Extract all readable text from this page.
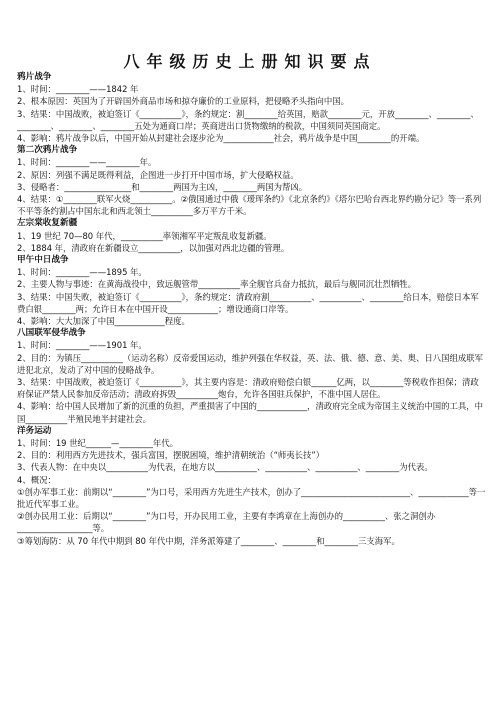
八年级历史上册知识要点
鸦片战争
1、时间：________——1842 年
2、根本原因：英国为了开辟国外商品市场和掠夺廉价的工业原料，把侵略矛头指向中国。
3、结果：中国战败，被迫签订《__________》，条约规定：割________给英国，赔款________元，开放________、________、________、________、________五处为通商口岸；英商进出口货物缴纳的税款，中国须同英国商定。
4、影响：鸦片战争以后，中国开始从封建社会逐步沦为____________社会，鸦片战争是中国________的开端。
第二次鸦片战争
1、时间：________——________年。
2、原因：列强不满足既得利益，企图进一步打开中国市场，扩大侵略权益。
3、侵略者：________________和________两国为主凶，________两国为帮凶。
4、结果：①________联军火烧__________。②俄国通过中俄《瑷珲条约》《北京条约》《塔尔巴哈台西北界约勘分记》等一系列不平等条约割占中国东北和西北领土__________多万平方千米。
左宗棠收复新疆
1、19 世纪 70—80 年代，__________率领湘军平定叛乱收复新疆。
2、1884 年，清政府在新疆设立__________，以加强对西北边疆的管理。
甲午中日战争
1、时间：________——1895 年。
2、主要人物与事迹：在黄海战役中，致远舰管带__________率全舰官兵奋力抵抗，最后与舰同沉壮烈牺牲。
3、结果：中国失败，被迫签订《__________》，条约规定：清政府割__________、__________、________给日本，赔偿日本军费白银________两；允许日本在中国开设____________；增设通商口岸等。
4、影响：大大加深了中国____________程度。
八国联军侵华战争
1、时间：________——1901 年。
2、目的：为镇压__________（运动名称）反帝爱国运动，维护列强在华权益，英、法、俄、德、意、美、奥、日八国组成联军进犯北京，发动了对中国的侵略战争。
3、结果：中国战败，被迫签订《__________》，其主要内容是：清政府赔偿白银______亿两，以________等税收作担保；清政府保证严禁人民参加反帝活动；清政府拆毁__________炮台，允许各国驻兵保护，不准中国人居住。
4、影响：给中国人民增加了新的沉重的负担，严重损害了中国的____________，清政府完全成为帝国主义统治中国的工具，中国__________半殖民地半封建社会。
洋务运动
1、时间：19 世纪______—________年代。
2、目的：利用西方先进技术，强兵富国，摆脱困境，维护清朝统治（“师夷长技”）
3、代表人物：在中央以__________为代表，在地方以__________、__________、__________、________为代表。
4、概况：
①创办军事工业：前期以“________”为口号，采用西方先进生产技术，创办了__________________________、____________等一批近代军事工业。
②创办民用工业：后期以“________”为口号，开办民用工业，主要有李鸿章在上海创办的__________、张之洞创办__________________等。
③筹划海防：从 70 年代中期到 80 年代中期，洋务派筹建了________、________和________三支海军。
